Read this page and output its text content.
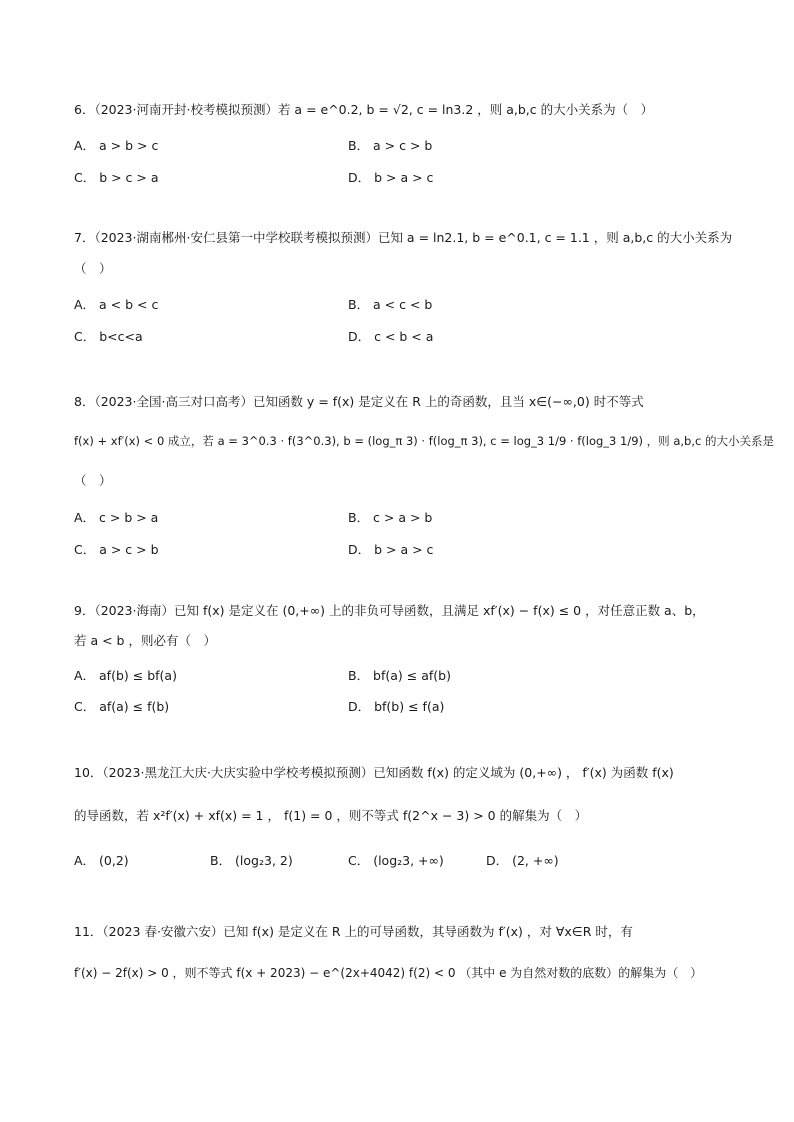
6．（2023·河南开封·校考模拟预测）若 a = e^0.2, b = √2, c = ln3.2 ，则 a,b,c 的大小关系为（　）
A． a > b > c	B． a > c > b
C． b > c > a	D． b > a > c
7．（2023·湖南郴州·安仁县第一中学校联考模拟预测）已知 a = ln2.1, b = e^0.1, c = 1.1 ，则 a,b,c 的大小关系为
（　）
A． a < b < c	B． a < c < b
C． b<c<a	D． c < b < a
8．（2023·全国·高三对口高考）已知函数 y = f(x) 是定义在 R 上的奇函数，且当 x∈(−∞,0) 时不等式
f(x) + xf′(x) < 0 成立，若 a = 3^0.3 · f(3^0.3), b = (log_π 3) · f(log_π 3), c = log_3 1/9 · f(log_3 1/9) ，则 a,b,c 的大小关系是
（　）
A． c > b > a	B． c > a > b
C． a > c > b	D． b > a > c
9．（2023·海南）已知 f(x) 是定义在 (0,+∞) 上的非负可导函数，且满足 xf′(x) − f(x) ≤ 0 ，对任意正数 a、b，
若 a < b ，则必有（　）
A． af(b) ≤ bf(a)	B． bf(a) ≤ af(b)
C． af(a) ≤ f(b)	D． bf(b) ≤ f(a)
10．（2023·黑龙江大庆·大庆实验中学校考模拟预测）已知函数 f(x) 的定义域为 (0,+∞) ， f′(x) 为函数 f(x)
的导函数，若 x²f′(x) + xf(x) = 1 ， f(1) = 0 ，则不等式 f(2^x − 3) > 0 的解集为（　）
A． (0,2)	B． (log₂3, 2)	C． (log₂3, +∞)	D． (2, +∞)
11．（2023 春·安徽六安）已知 f(x) 是定义在 R 上的可导函数，其导函数为 f′(x) ，对 ∀x∈R 时，有
f′(x) − 2f(x) > 0 ，则不等式 f(x + 2023) − e^(2x+4042) f(2) < 0 （其中 e 为自然对数的底数）的解集为（　）
